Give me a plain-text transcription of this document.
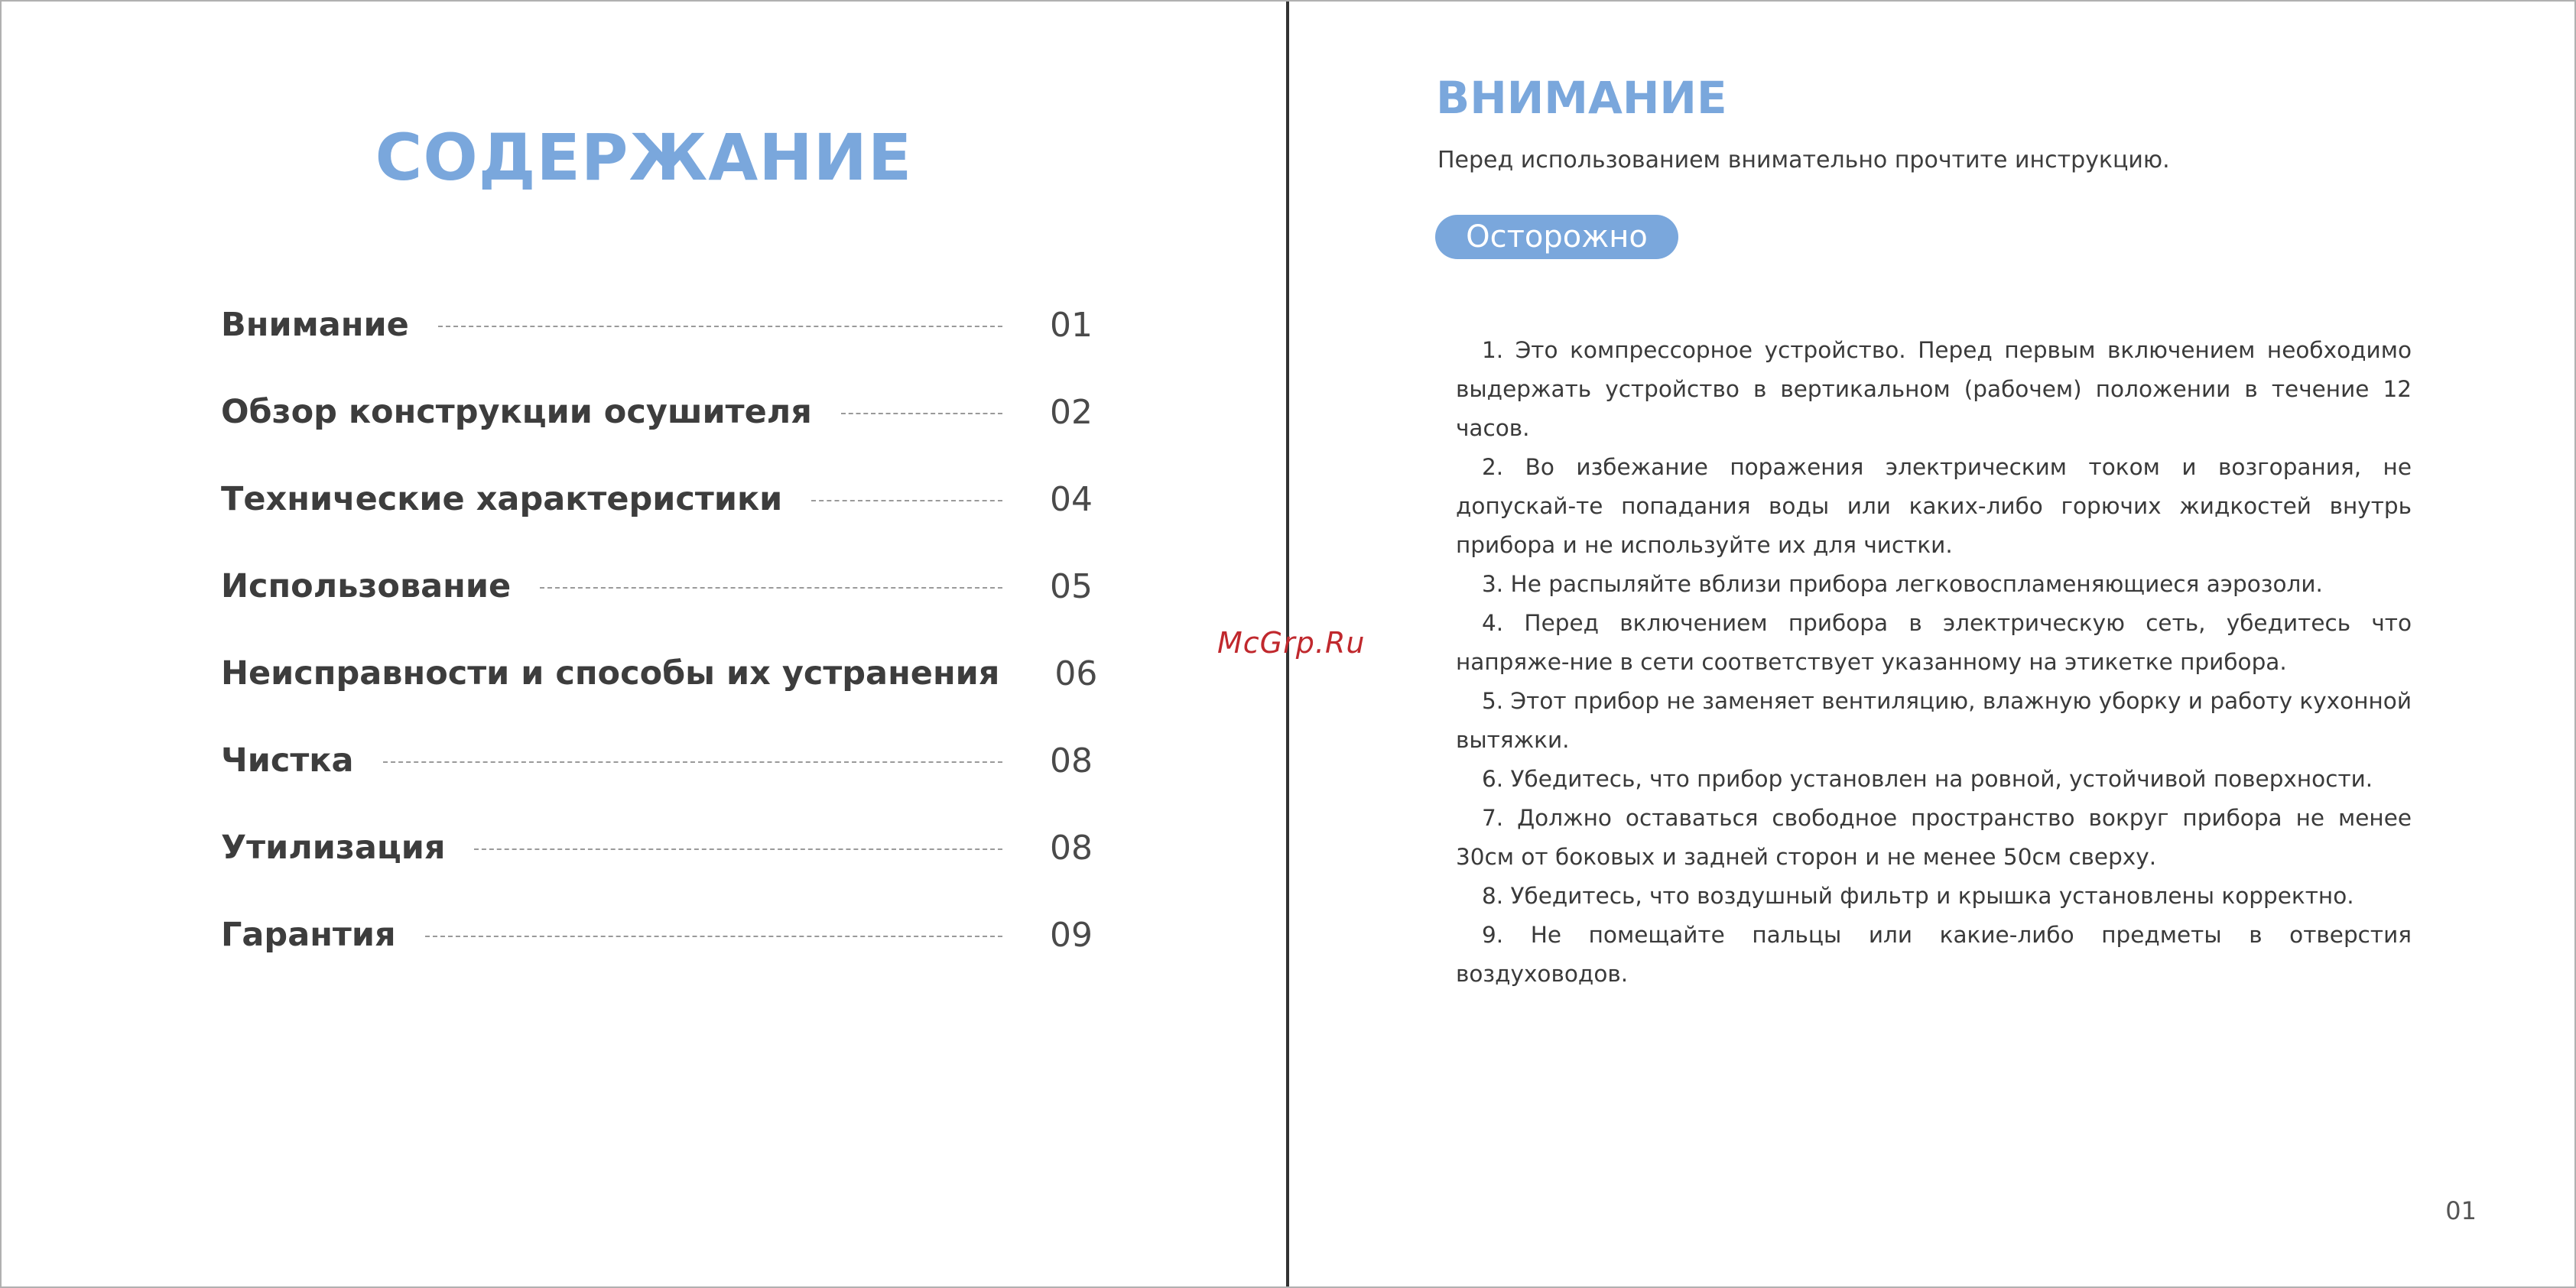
СОДЕРЖАНИЕ
Внимание	01
Обзор конструкции осушителя	02
Технические характеристики	04
Использование	05
Неисправности и способы их устранения 06
Чистка	08
Утилизация	08
Гарантия	09
ВНИМАНИЕ
Перед использованием внимательно прочтите инструкцию.
Осторожно

1. Это компрессорное устройство. Перед первым включением необходимо выдержать устройство в вертикальном (рабочем) положении в течение 12 часов.

2. Во избежание поражения электрическим током и возгорания, не допускай-те попадания воды или каких-либо горючих жидкостей внутрь прибора и не используйте их для чистки.

3. Не распыляйте вблизи прибора легковоспламеняющиеся аэрозоли.

4. Перед включением прибора в электрическую сеть, убедитесь что напряже-ние в сети соответствует указанному на этикетке прибора.

5. Этот прибор не заменяет вентиляцию, влажную уборку и работу кухонной вытяжки.

6. Убедитесь, что прибор установлен на ровной, устойчивой поверхности.

7. Должно оставаться свободное пространство вокруг прибора не менее 30см от боковых и задней сторон и не менее 50см сверху.

8. Убедитесь, что воздушный фильтр и крышка установлены корректно.

9. Не помещайте пальцы или какие-либо предметы в отверстия воздуховодов.

01
McGrp.Ru
